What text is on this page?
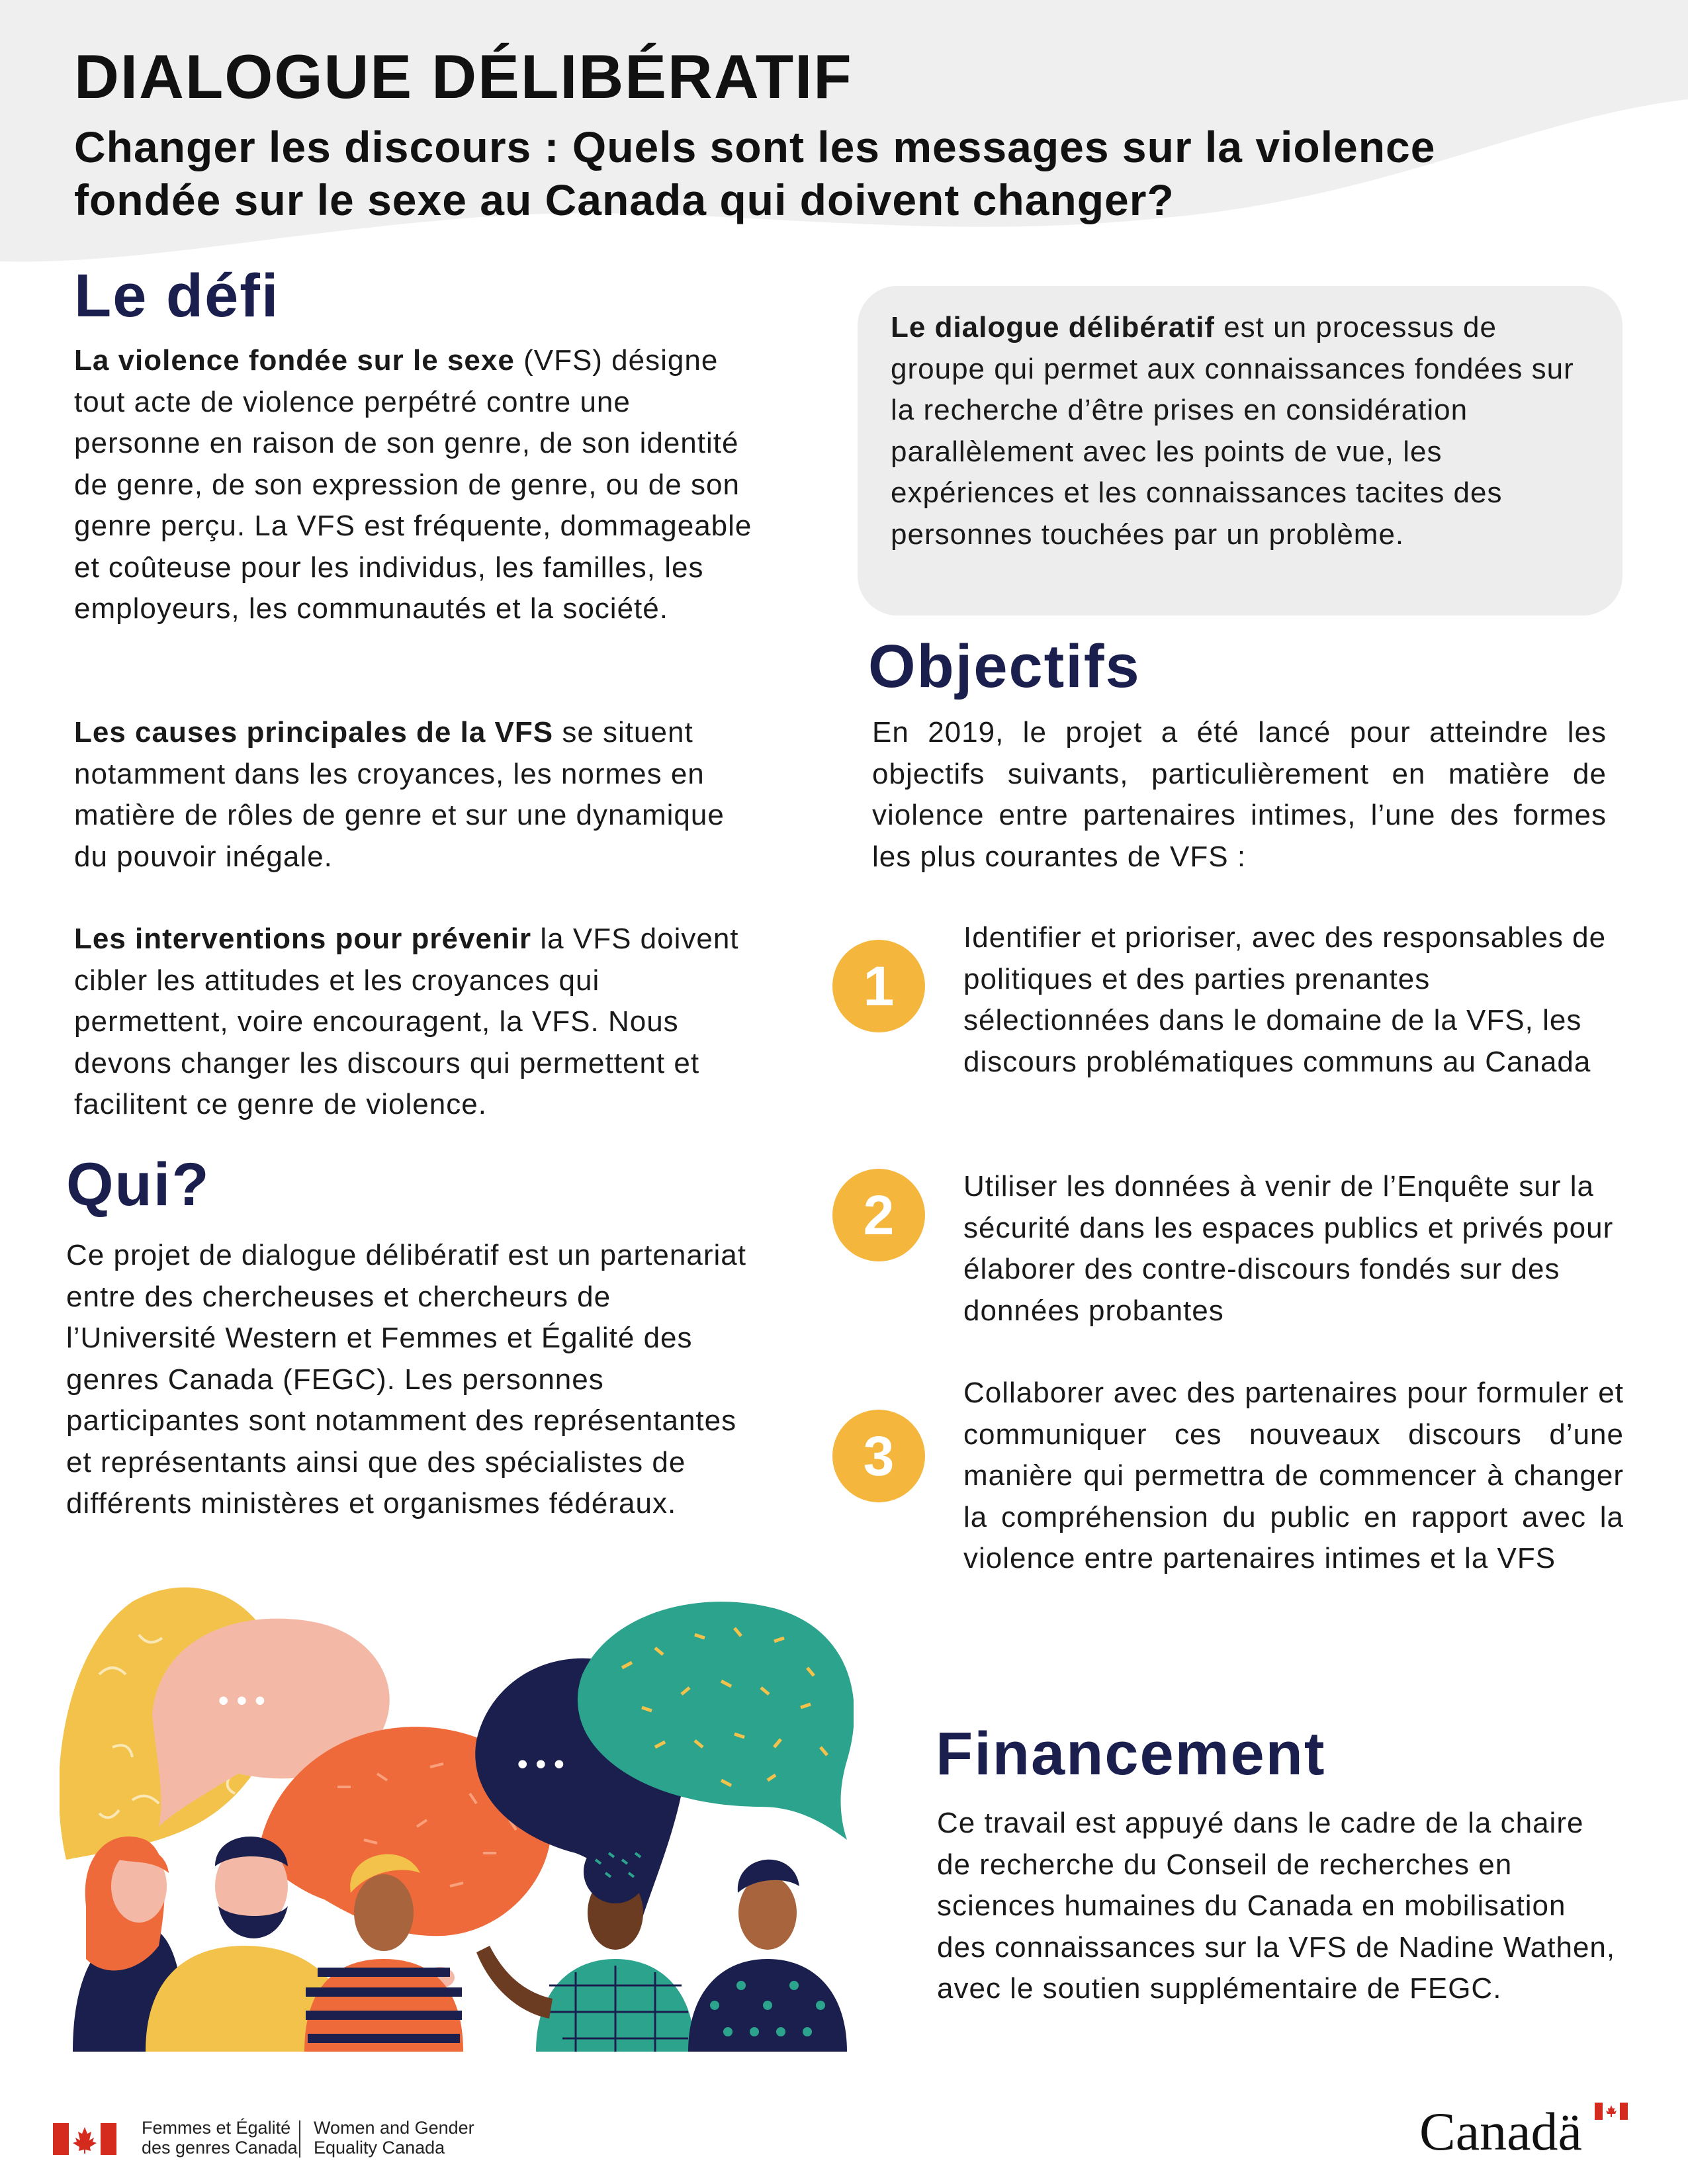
DIALOGUE DÉLIBÉRATIF
Changer les discours : Quels sont les messages sur la violence
fondée sur le sexe au Canada qui doivent changer?
Le défi
La violence fondée sur le sexe (VFS) désigne tout acte de violence perpétré contre une personne en raison de son genre, de son identité de genre, de son expression de genre, ou de son genre perçu. La VFS est fréquente, dommageable et coûteuse pour les individus, les familles, les employeurs, les communautés et la société.
Les causes principales de la VFS se situent notamment dans les croyances, les normes en matière de rôles de genre et sur une dynamique du pouvoir inégale.
Les interventions pour prévenir la VFS doivent cibler les attitudes et les croyances qui permettent, voire encouragent, la VFS. Nous devons changer les discours qui permettent et facilitent ce genre de violence.
Le dialogue délibératif est un processus de groupe qui permet aux connaissances fondées sur la recherche d’être prises en considération parallèlement avec les points de vue, les expériences et les connaissances tacites des personnes touchées par un problème.
Objectifs
En 2019, le projet a été lancé pour atteindre les objectifs suivants, particulièrement en matière de violence entre partenaires intimes, l’une des formes les plus courantes de VFS :
1
Identifier et prioriser, avec des responsables de politiques et des parties prenantes sélectionnées dans le domaine de la VFS, les discours problématiques communs au Canada
2	Utiliser les données à venir de l’Enquête sur la sécurité dans les espaces publics et privés pour élaborer des contre-discours fondés sur des données probantes
3
Collaborer avec des partenaires pour formuler et communiquer ces nouveaux discours d’une manière qui permettra de commencer à changer la compréhension du public en rapport avec la violence entre partenaires intimes et la VFS
Qui?
Ce projet de dialogue délibératif est un partenariat entre des chercheuses et chercheurs de l’Université Western et Femmes et Égalité des genres Canada (FEGC). Les personnes participantes sont notamment des représentantes et représentants ainsi que des spécialistes de différents ministères et organismes fédéraux.
Financement
Ce travail est appuyé dans le cadre de la chaire de recherche du Conseil de recherches en sciences humaines du Canada en mobilisation des connaissances sur la VFS de Nadine Wathen, avec le soutien supplémentaire de FEGC.
• • •
• • •
Femmes et Égalité
des genres Canada
Women and Gender
Equality Canada	Canadä
